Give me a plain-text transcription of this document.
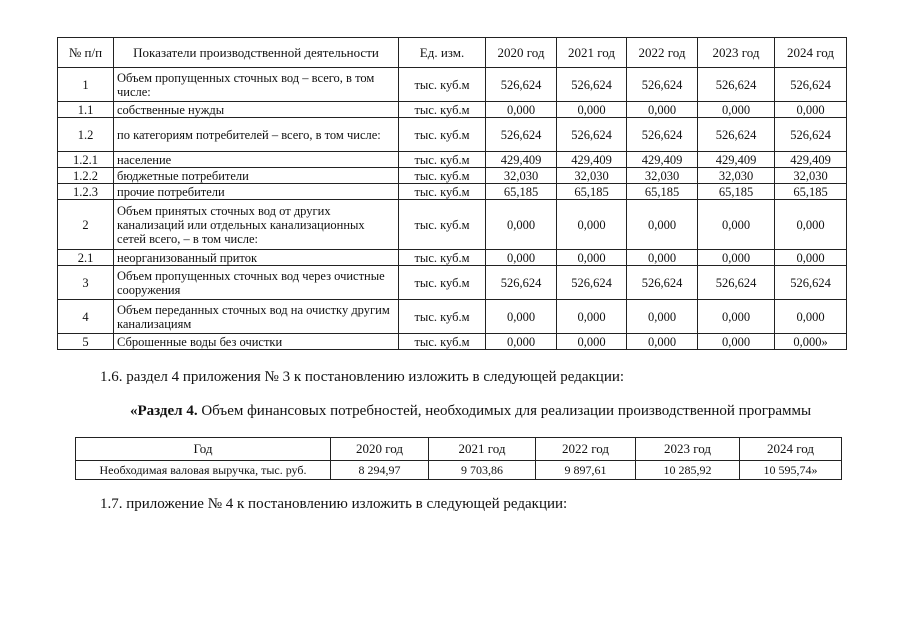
№ п/п	Показатели производственной деятельности	Ед. изм.	2020 год	2021 год	2022 год	2023 год	2024 год
1	Объем пропущенных сточных вод – всего, в том числе:	тыс. куб.м	526,624	526,624	526,624	526,624	526,624
1.1	собственные нужды	тыс. куб.м	0,000	0,000	0,000	0,000	0,000
1.2	по категориям потребителей – всего, в том числе:	тыс. куб.м	526,624	526,624	526,624	526,624	526,624
1.2.1	население	тыс. куб.м	429,409	429,409	429,409	429,409	429,409
1.2.2	бюджетные потребители	тыс. куб.м	32,030	32,030	32,030	32,030	32,030
1.2.3	прочие потребители	тыс. куб.м	65,185	65,185	65,185	65,185	65,185
2	Объем принятых сточных вод от других канализаций или отдельных канализационных сетей всего, – в том числе:	тыс. куб.м	0,000	0,000	0,000	0,000	0,000
2.1	неорганизованный приток	тыс. куб.м	0,000	0,000	0,000	0,000	0,000
3	Объем пропущенных сточных вод через очистные сооружения	тыс. куб.м	526,624	526,624	526,624	526,624	526,624
4	Объем переданных сточных вод на очистку другим канализациям	тыс. куб.м	0,000	0,000	0,000	0,000	0,000
5	Сброшенные воды без очистки	тыс. куб.м	0,000	0,000	0,000	0,000	0,000»
1.6. раздел 4 приложения № 3 к постановлению изложить в следующей редакции:
«Раздел 4. Объем финансовых потребностей, необходимых для реализации производственной программы
Год	2020 год	2021 год	2022 год	2023 год	2024 год
Необходимая валовая выручка, тыс. руб.	8 294,97	9 703,86	9 897,61	10 285,92	10 595,74»
1.7. приложение № 4 к постановлению изложить в следующей редакции:
